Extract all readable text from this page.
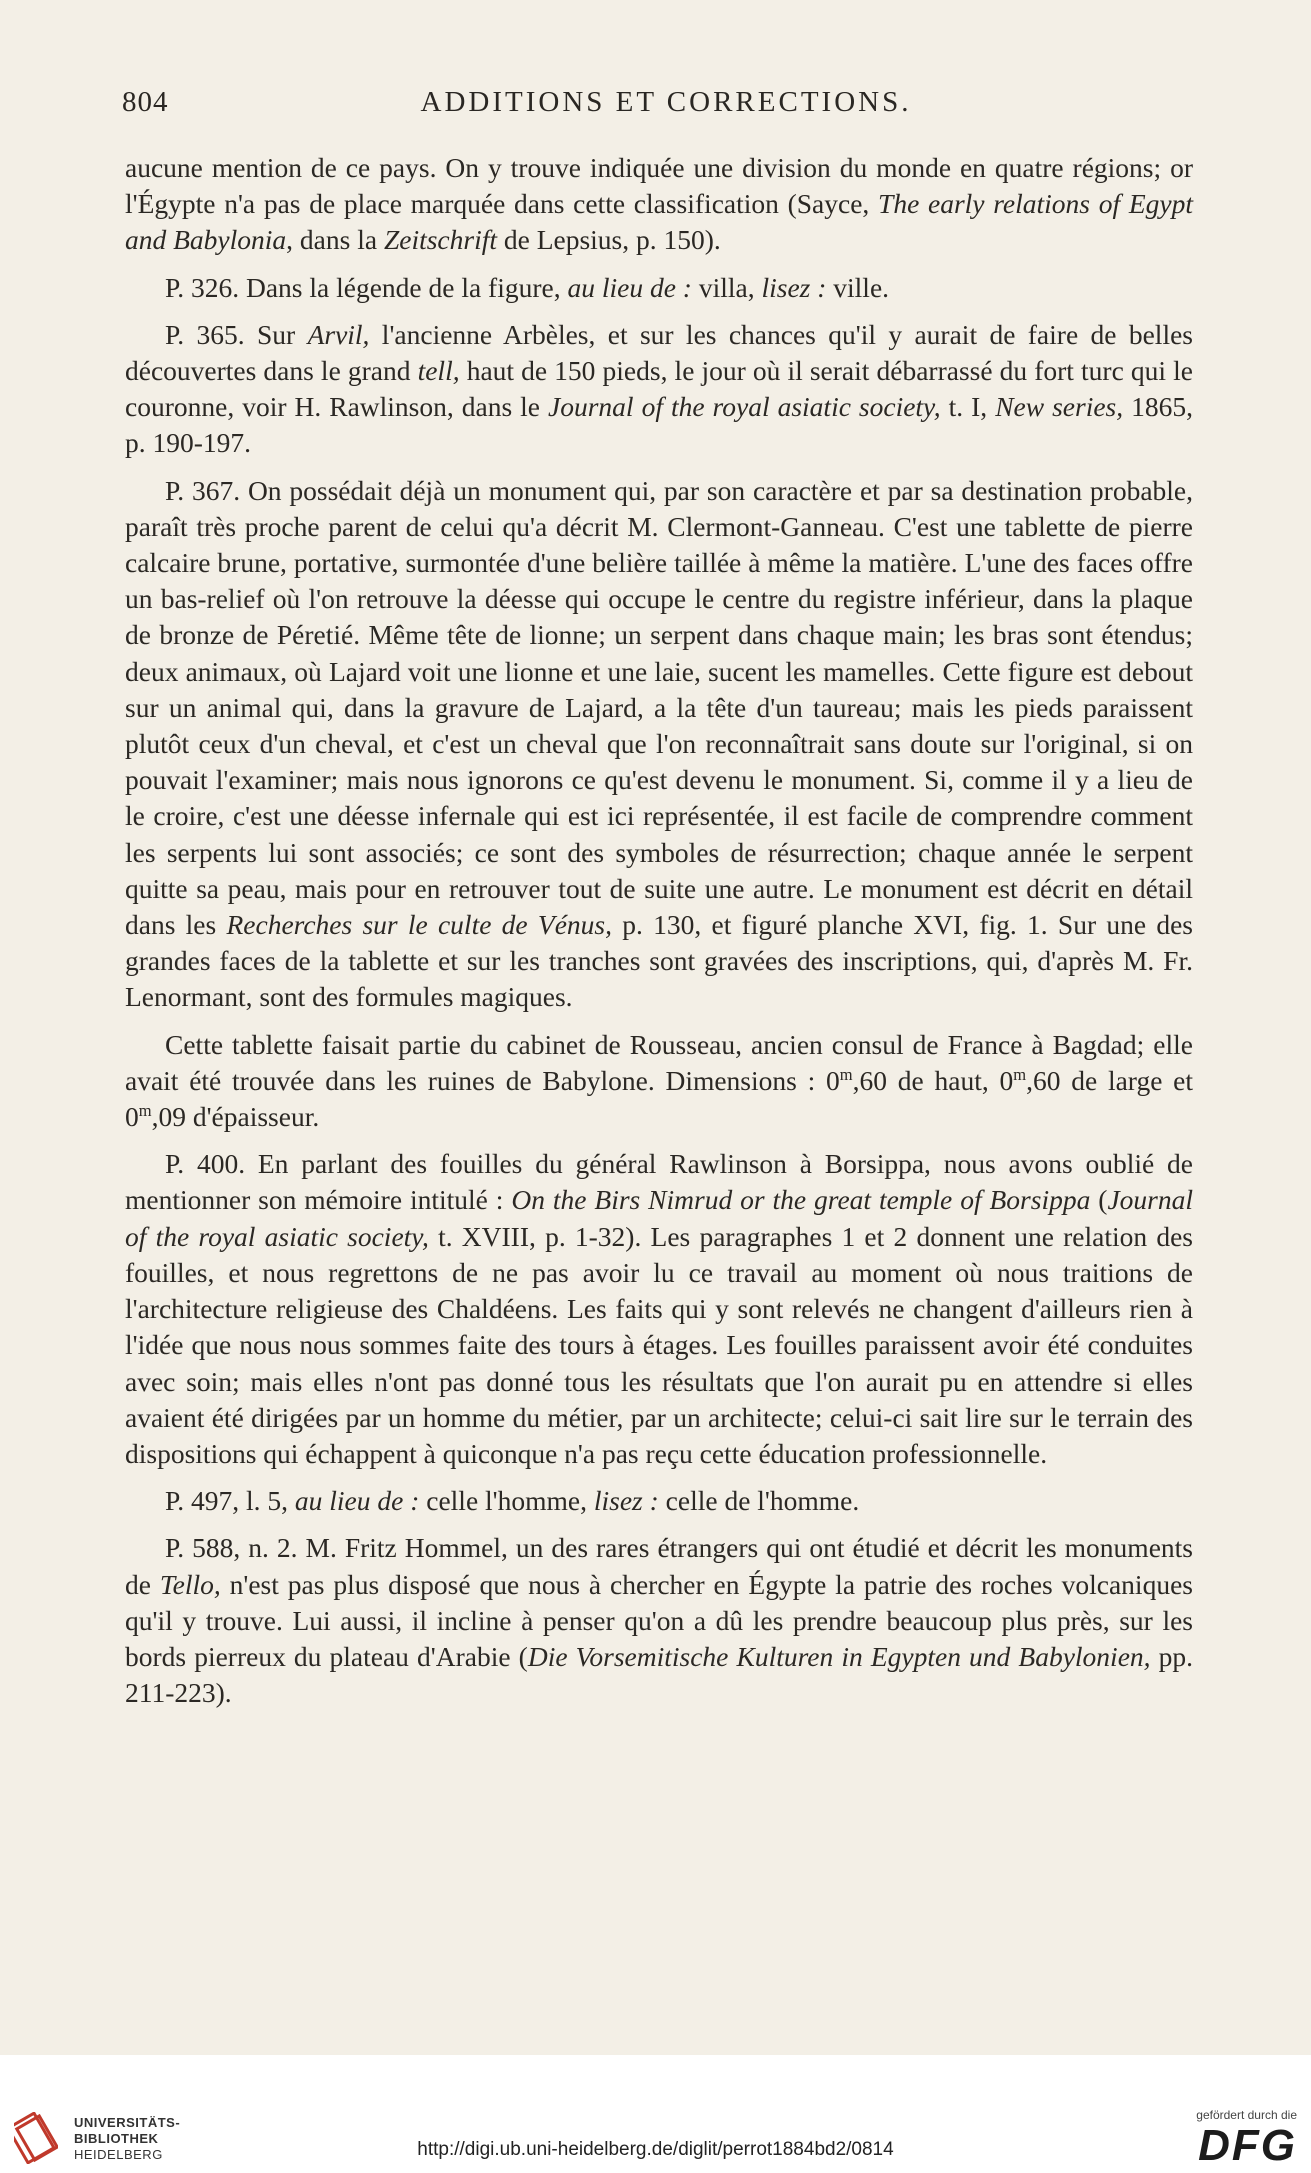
804	ADDITIONS ET CORRECTIONS.

aucune mention de ce pays. On y trouve indiquée une division du monde en quatre régions; or l'Égypte n'a pas de place marquée dans cette classification (Sayce, The early relations of Egypt and Babylonia, dans la Zeitschrift de Lepsius, p. 150).

P. 326. Dans la légende de la figure, au lieu de : villa, lisez : ville.

P. 365. Sur Arvil, l'ancienne Arbèles, et sur les chances qu'il y aurait de faire de belles découvertes dans le grand tell, haut de 150 pieds, le jour où il serait débarrassé du fort turc qui le couronne, voir H. Rawlinson, dans le Journal of the royal asiatic society, t. I, New series, 1865, p. 190-197.

P. 367. On possédait déjà un monument qui, par son caractère et par sa destination probable, paraît très proche parent de celui qu'a décrit M. Clermont-Ganneau. C'est une tablette de pierre calcaire brune, portative, surmontée d'une belière taillée à même la matière. L'une des faces offre un bas-relief où l'on retrouve la déesse qui occupe le centre du registre inférieur, dans la plaque de bronze de Péretié. Même tête de lionne; un serpent dans chaque main; les bras sont étendus; deux animaux, où Lajard voit une lionne et une laie, sucent les mamelles. Cette figure est debout sur un animal qui, dans la gravure de Lajard, a la tête d'un taureau; mais les pieds paraissent plutôt ceux d'un cheval, et c'est un cheval que l'on reconnaîtrait sans doute sur l'original, si on pouvait l'examiner; mais nous ignorons ce qu'est devenu le monument. Si, comme il y a lieu de le croire, c'est une déesse infernale qui est ici représentée, il est facile de comprendre comment les serpents lui sont associés; ce sont des symboles de résurrection; chaque année le serpent quitte sa peau, mais pour en retrouver tout de suite une autre. Le monument est décrit en détail dans les Recherches sur le culte de Vénus, p. 130, et figuré planche XVI, fig. 1. Sur une des grandes faces de la tablette et sur les tranches sont gravées des inscriptions, qui, d'après M. Fr. Lenormant, sont des formules magiques.

Cette tablette faisait partie du cabinet de Rousseau, ancien consul de France à Bagdad; elle avait été trouvée dans les ruines de Babylone. Dimensions : 0$^m$,60 de haut, 0$^m$,60 de large et 0$^m$,09 d'épaisseur.

P. 400. En parlant des fouilles du général Rawlinson à Borsippa, nous avons oublié de mentionner son mémoire intitulé : On the Birs Nimrud or the great temple of Borsippa (Journal of the royal asiatic society, t. XVIII, p. 1-32). Les paragraphes 1 et 2 donnent une relation des fouilles, et nous regrettons de ne pas avoir lu ce travail au moment où nous traitions de l'architecture religieuse des Chaldéens. Les faits qui y sont relevés ne changent d'ailleurs rien à l'idée que nous nous sommes faite des tours à étages. Les fouilles paraissent avoir été conduites avec soin; mais elles n'ont pas donné tous les résultats que l'on aurait pu en attendre si elles avaient été dirigées par un homme du métier, par un architecte; celui-ci sait lire sur le terrain des dispositions qui échappent à quiconque n'a pas reçu cette éducation professionnelle.

P. 497, l. 5, au lieu de : celle l'homme, lisez : celle de l'homme.

P. 588, n. 2. M. Fritz Hommel, un des rares étrangers qui ont étudié et décrit les monuments de Tello, n'est pas plus disposé que nous à chercher en Égypte la patrie des roches volcaniques qu'il y trouve. Lui aussi, il incline à penser qu'on a dû les prendre beaucoup plus près, sur les bords pierreux du plateau d'Arabie (Die Vorsemitische Kulturen in Egypten und Babylonien, pp. 211-223).

UNIVERSITÄTS-
BIBLIOTHEK
HEIDELBERG	http://digi.ub.uni-heidelberg.de/diglit/perrot1884bd2/0814
gefördert durch die
DFG
